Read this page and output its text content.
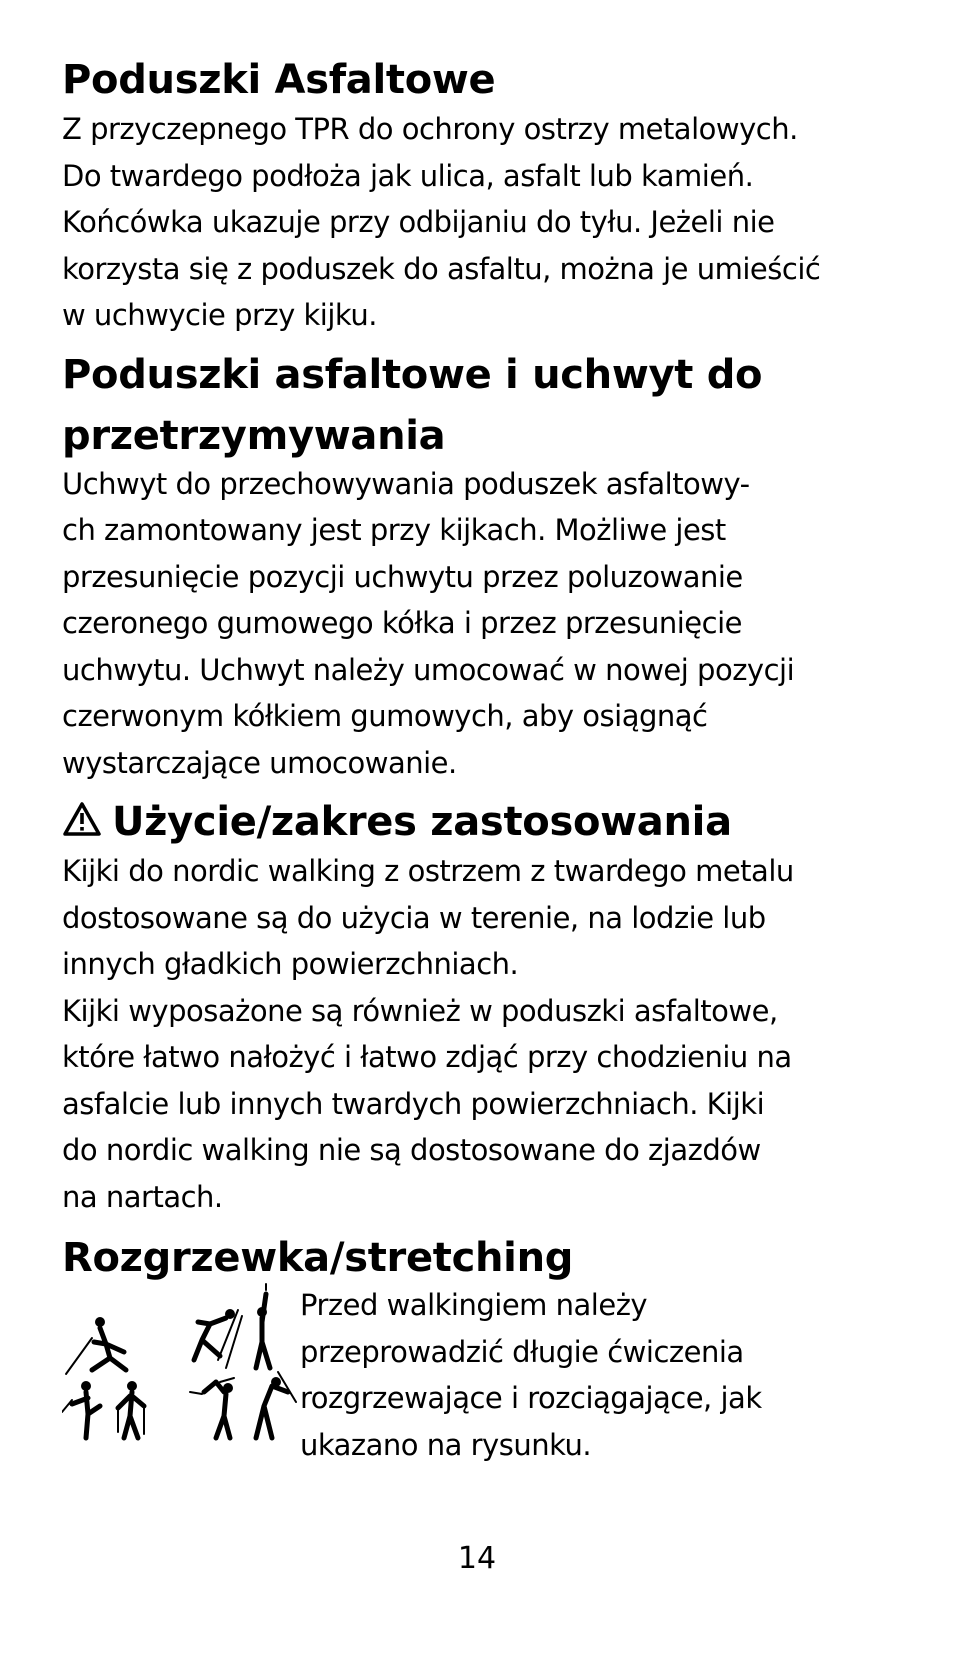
Poduszki Asfaltowe

Z przyczepnego TPR do ochrony ostrzy metalowych.
Do twardego podłoża jak ulica, asfalt lub kamień.
Końcówka ukazuje przy odbijaniu do tyłu. Jeżeli nie
korzysta się z poduszek do asfaltu, można je umieścić
w uchwycie przy kijku.

Poduszki asfaltowe i uchwyt do przetrzymywania

Uchwyt do przechowywania poduszek asfaltowy-
ch zamontowany jest przy kijkach. Możliwe jest
przesunięcie pozycji uchwytu przez poluzowanie
czeronego gumowego kółka i przez przesunięcie
uchwytu. Uchwyt należy umocować w nowej pozycji
czerwonym kółkiem gumowych, aby osiągnąć
wystarczające umocowanie.

Użycie/zakres zastosowania

Kijki do nordic walking z ostrzem z twardego metalu
dostosowane są do użycia w terenie, na lodzie lub
innych gładkich powierzchniach.
Kijki wyposażone są również w poduszki asfaltowe,
które łatwo nałożyć i łatwo zdjąć przy chodzieniu na
asfalcie lub innych twardych powierzchniach. Kijki
do nordic walking nie są dostosowane do zjazdów
na nartach.

Rozgrzewka/stretching

Przed walkingiem należy
przeprowadzić długie ćwiczenia
rozgrzewające i rozciągające, jak
ukazano na rysunku.

14
